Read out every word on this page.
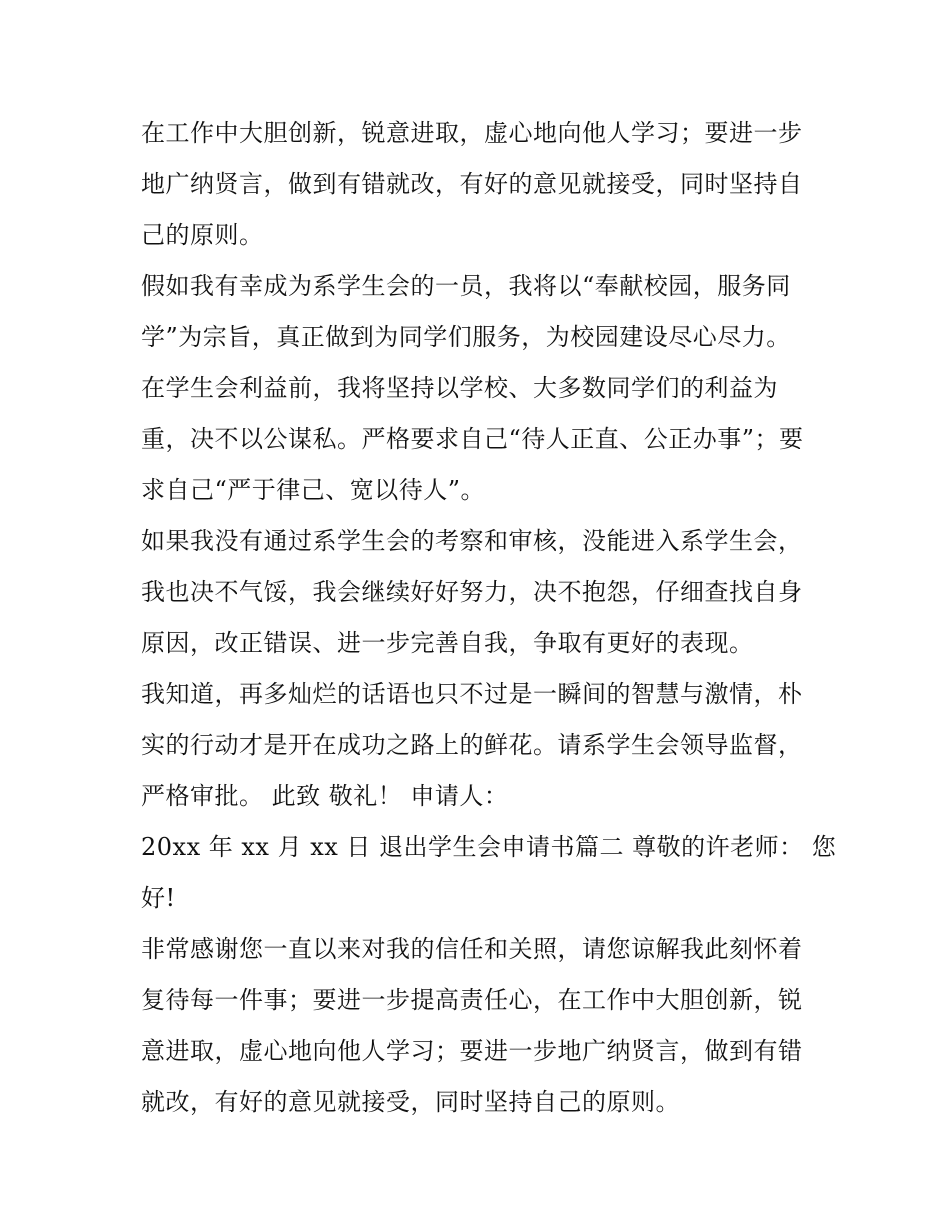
在工作中大胆创新，锐意进取，虚心地向他人学习；要进一步
地广纳贤言，做到有错就改，有好的意见就接受，同时坚持自
己的原则。
假如我有幸成为系学生会的一员，我将以“奉献校园，服务同
学”为宗旨，真正做到为同学们服务，为校园建设尽心尽力。
在学生会利益前，我将坚持以学校、大多数同学们的利益为
重，决不以公谋私。严格要求自己“待人正直、公正办事”；要
求自己“严于律己、宽以待人”。
如果我没有通过系学生会的考察和审核，没能进入系学生会，
我也决不气馁，我会继续好好努力，决不抱怨，仔细查找自身
原因，改正错误、进一步完善自我，争取有更好的表现。
我知道，再多灿烂的话语也只不过是一瞬间的智慧与激情，朴
实的行动才是开在成功之路上的鲜花。请系学生会领导监督，
严格审批。 此致 敬礼！ 申请人：
20xx 年 xx 月 xx 日 退出学生会申请书篇二 尊敬的许老师： 您
好!
非常感谢您一直以来对我的信任和关照，请您谅解我此刻怀着
复待每一件事；要进一步提高责任心，在工作中大胆创新，锐
意进取，虚心地向他人学习；要进一步地广纳贤言，做到有错
就改，有好的意见就接受，同时坚持自己的原则。
